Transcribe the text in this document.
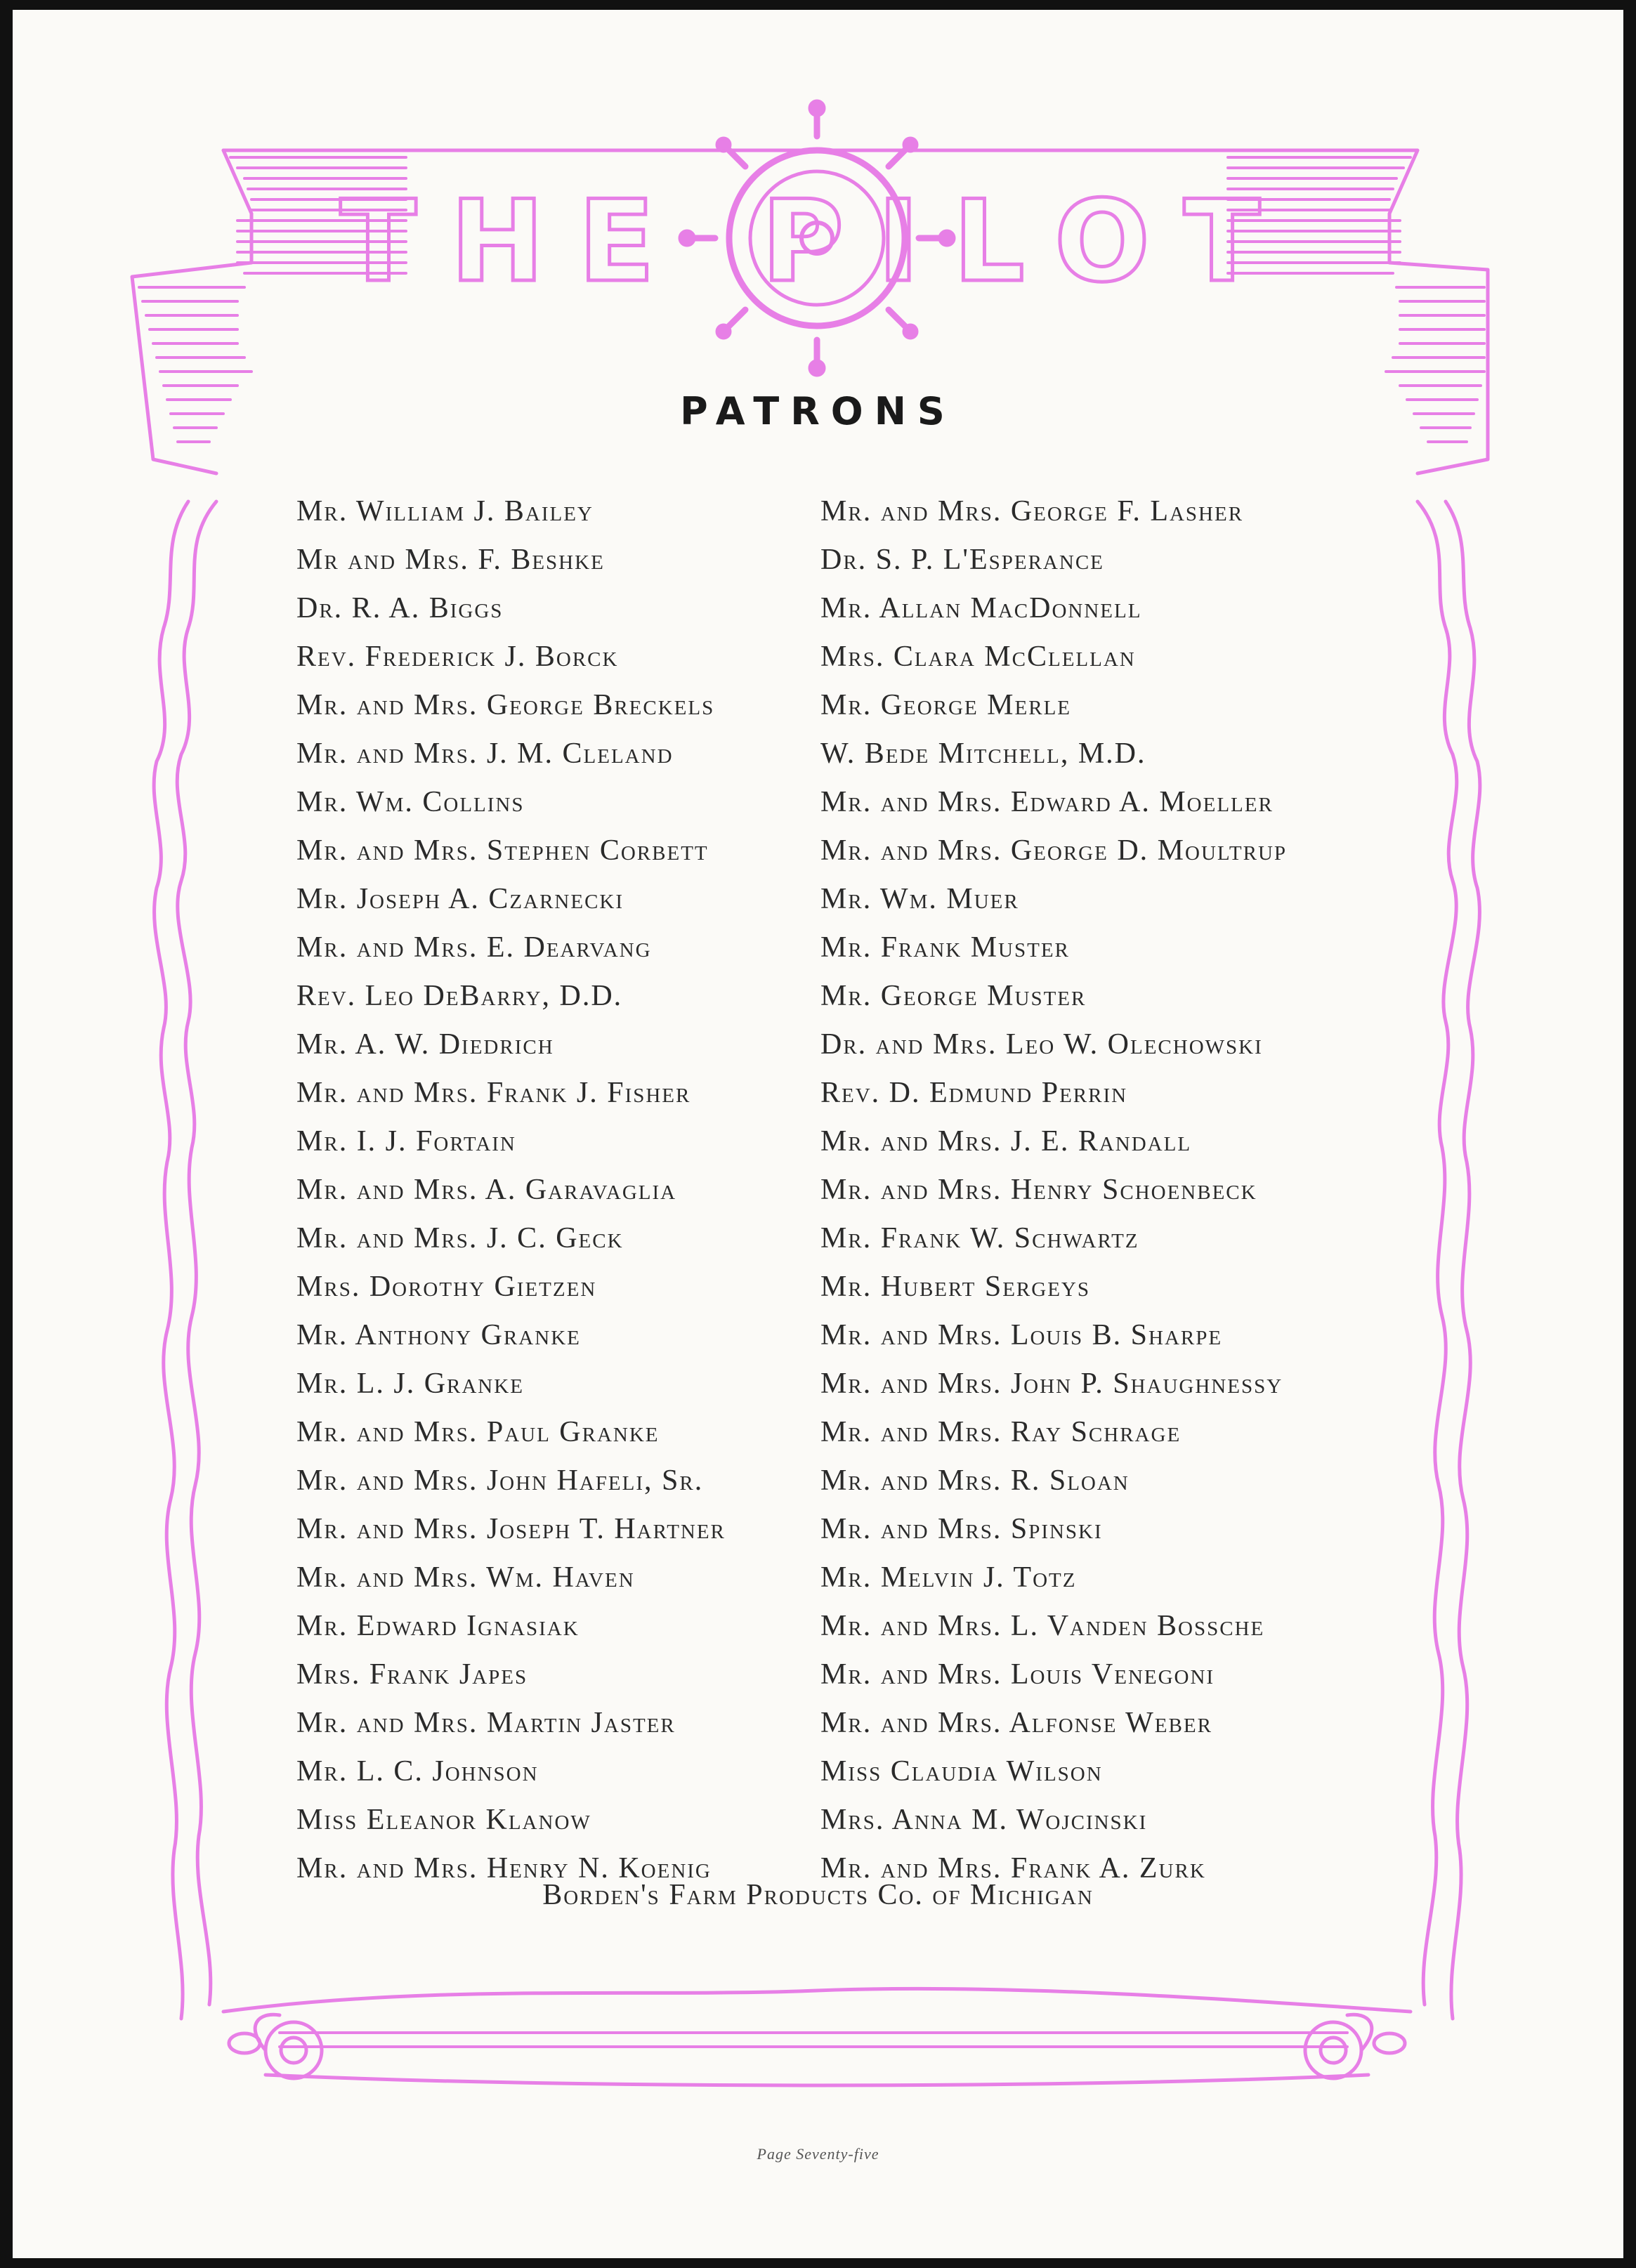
THE PILOT
PATRONS
Mr. William J. Bailey
Mr and Mrs. F. Beshke
Dr. R. A. Biggs
Rev. Frederick J. Borck
Mr. and Mrs. George Breckels
Mr. and Mrs. J. M. Cleland
Mr. Wm. Collins
Mr. and Mrs. Stephen Corbett
Mr. Joseph A. Czarnecki
Mr. and Mrs. E. Dearvang
Rev. Leo DeBarry, D.D.
Mr. A. W. Diedrich
Mr. and Mrs. Frank J. Fisher
Mr. I. J. Fortain
Mr. and Mrs. A. Garavaglia
Mr. and Mrs. J. C. Geck
Mrs. Dorothy Gietzen
Mr. Anthony Granke
Mr. L. J. Granke
Mr. and Mrs. Paul Granke
Mr. and Mrs. John Hafeli, Sr.
Mr. and Mrs. Joseph T. Hartner
Mr. and Mrs. Wm. Haven
Mr. Edward Ignasiak
Mrs. Frank Japes
Mr. and Mrs. Martin Jaster
Mr. L. C. Johnson
Miss Eleanor Klanow
Mr. and Mrs. Henry N. Koenig
Mr. and Mrs. George F. Lasher
Dr. S. P. L'Esperance
Mr. Allan MacDonnell
Mrs. Clara McClellan
Mr. George Merle
W. Bede Mitchell, M.D.
Mr. and Mrs. Edward A. Moeller
Mr. and Mrs. George D. Moultrup
Mr. Wm. Muer
Mr. Frank Muster
Mr. George Muster
Dr. and Mrs. Leo W. Olechowski
Rev. D. Edmund Perrin
Mr. and Mrs. J. E. Randall
Mr. and Mrs. Henry Schoenbeck
Mr. Frank W. Schwartz
Mr. Hubert Sergeys
Mr. and Mrs. Louis B. Sharpe
Mr. and Mrs. John P. Shaughnessy
Mr. and Mrs. Ray Schrage
Mr. and Mrs. R. Sloan
Mr. and Mrs. Spinski
Mr. Melvin J. Totz
Mr. and Mrs. L. Vanden Bossche
Mr. and Mrs. Louis Venegoni
Mr. and Mrs. Alfonse Weber
Miss Claudia Wilson
Mrs. Anna M. Wojcinski
Mr. and Mrs. Frank A. Zurk
Borden's Farm Products Co. of Michigan
Page Seventy-five
